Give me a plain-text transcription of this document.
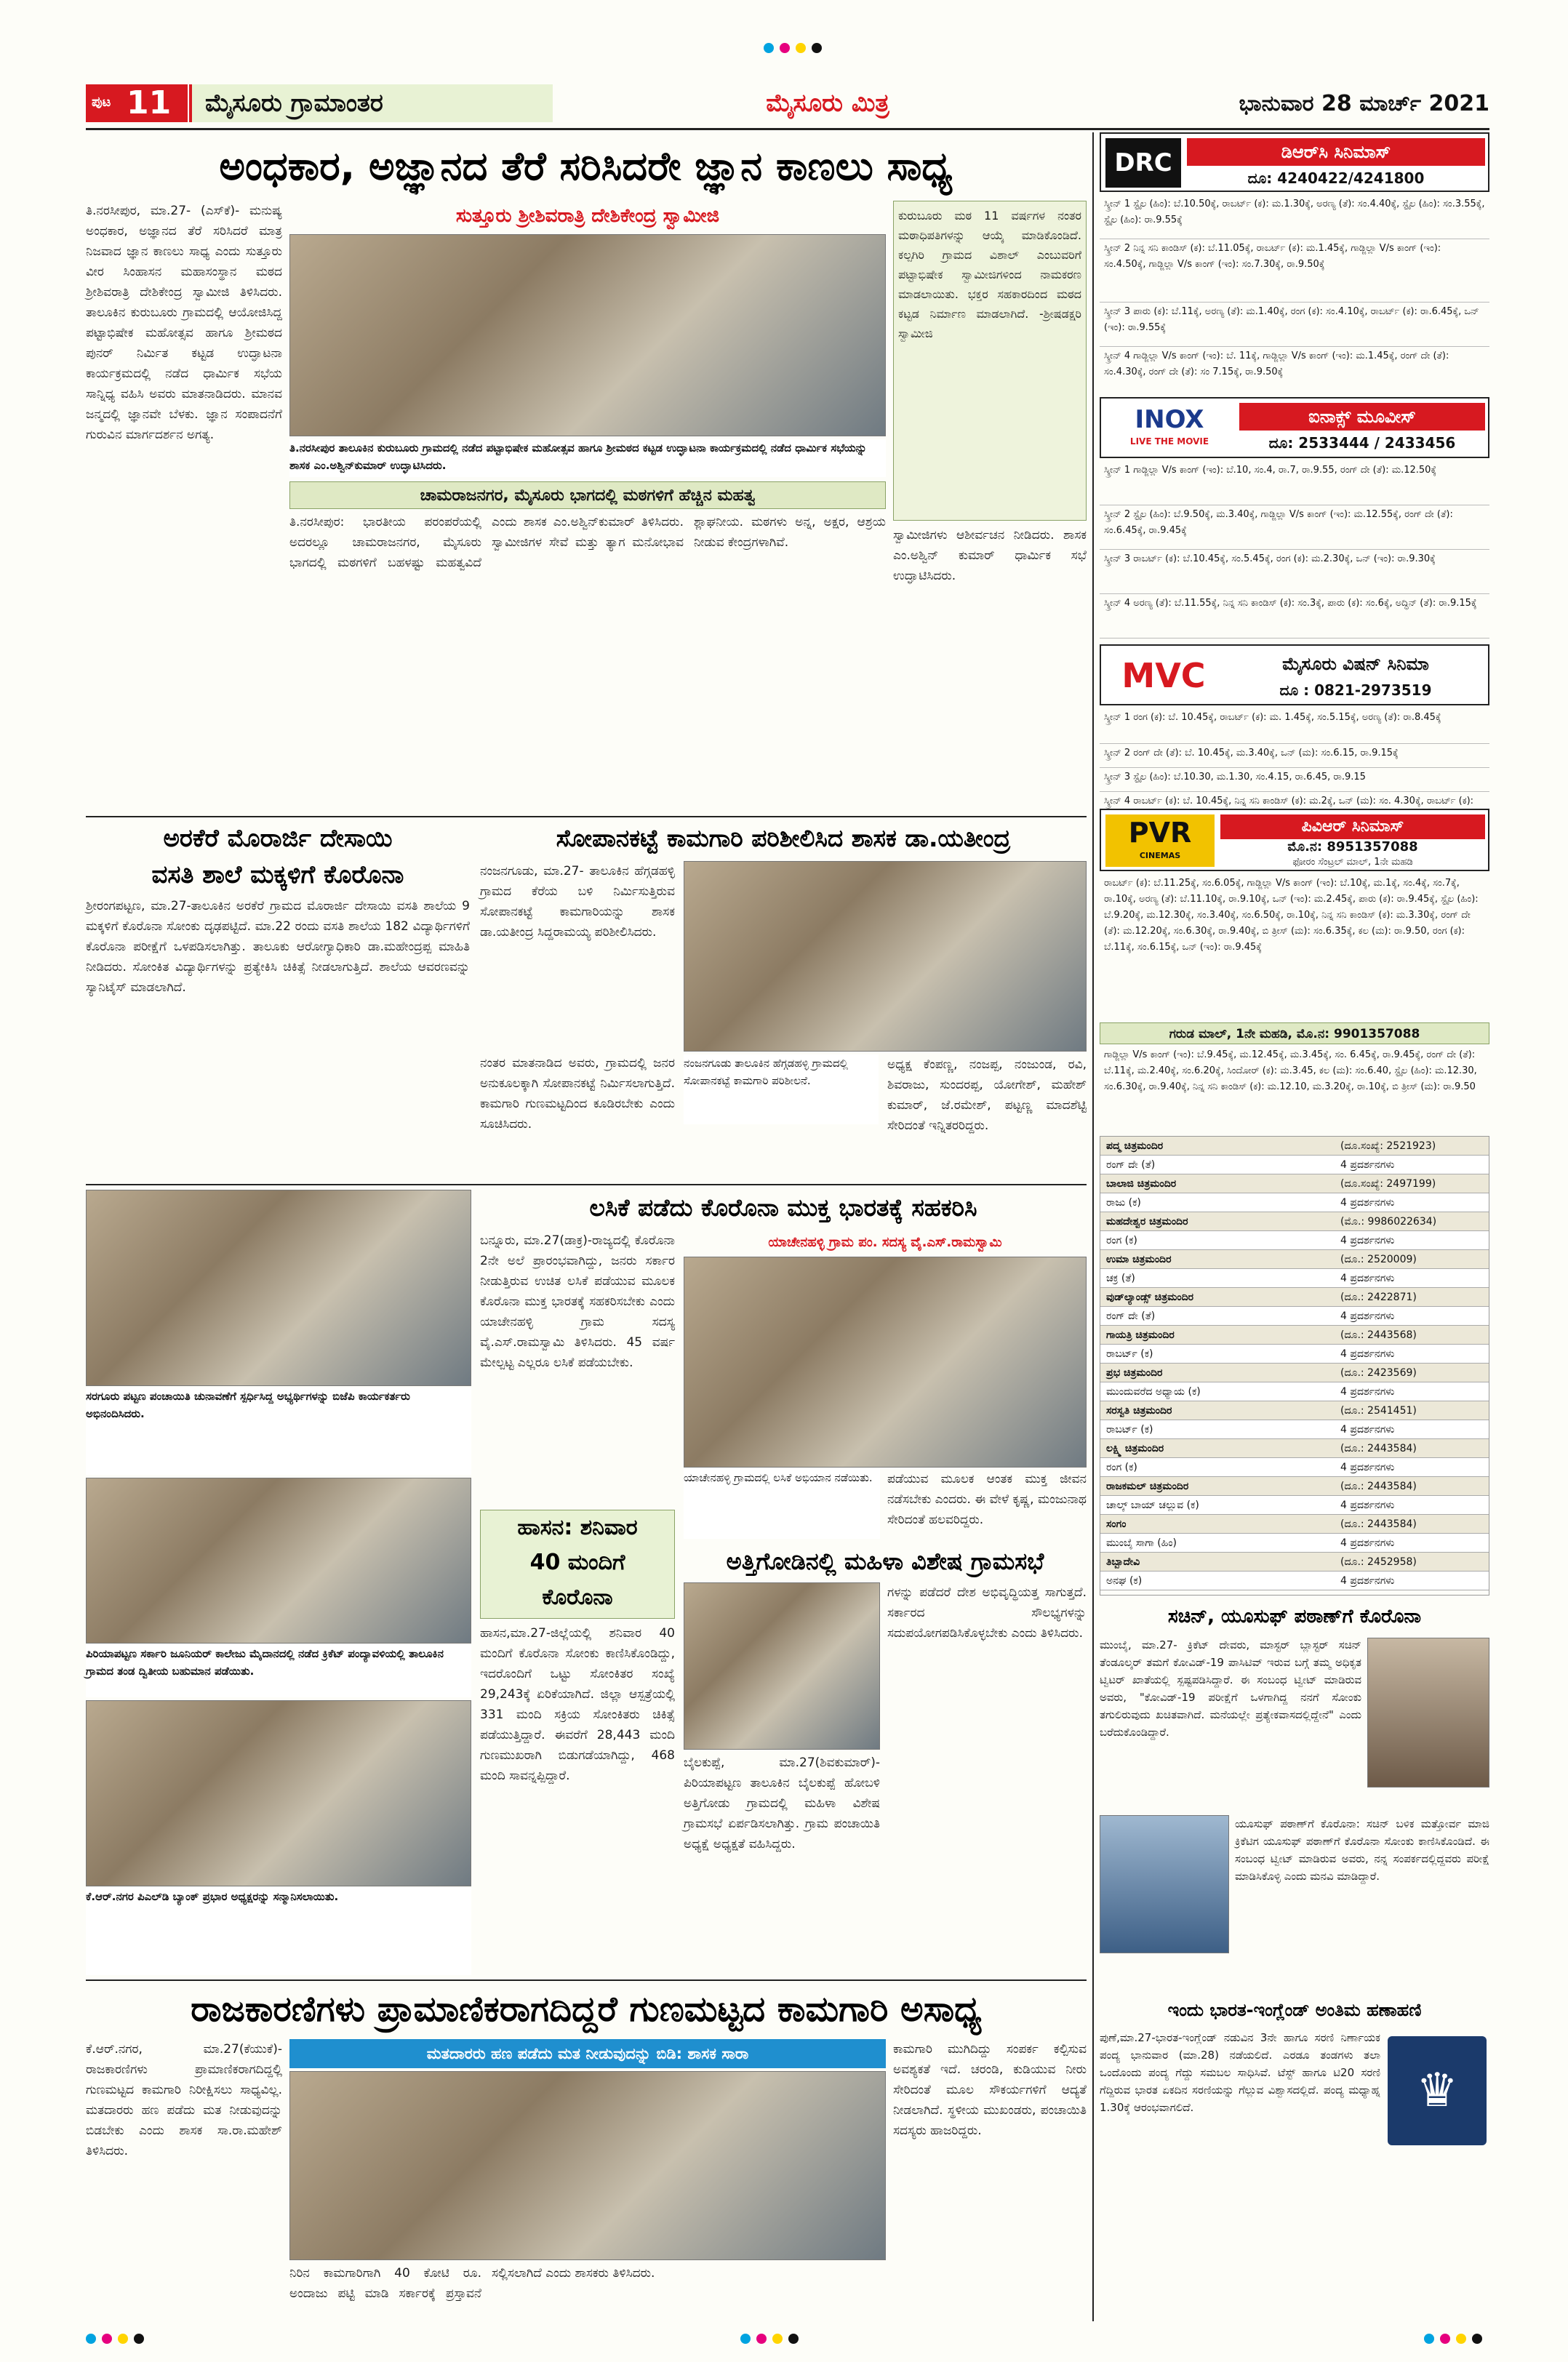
ಪುಟ 11 ಮೈಸೂರು ಗ್ರಾಮಾಂತರ	ಮೈಸೂರು ಮಿತ್ರ	ಭಾನುವಾರ 28 ಮಾರ್ಚ್ 2021
ಅಂಧಕಾರ, ಅಜ್ಞಾನದ ತೆರೆ ಸರಿಸಿದರೇ ಜ್ಞಾನ ಕಾಣಲು ಸಾಧ್ಯ
ತಿ.ನರಸೀಪುರ, ಮಾ.27- (ಎಸ್‌ಕೆ)- ಮನುಷ್ಯ ಅಂಧಕಾರ, ಅಜ್ಞಾನದ ತೆರೆ ಸರಿಸಿದರೆ ಮಾತ್ರ ನಿಜವಾದ ಜ್ಞಾನ ಕಾಣಲು ಸಾಧ್ಯ ಎಂದು ಸುತ್ತೂರು ವೀರ ಸಿಂಹಾಸನ ಮಹಾಸಂಸ್ಥಾನ ಮಠದ ಶ್ರೀಶಿವರಾತ್ರಿ ದೇಶಿಕೇಂದ್ರ ಸ್ವಾಮೀಜಿ ತಿಳಿಸಿದರು. ತಾಲೂಕಿನ ಕುರುಬೂರು ಗ್ರಾಮದಲ್ಲಿ ಆಯೋಜಿಸಿದ್ದ ಪಟ್ಟಾಭಿಷೇಕ ಮಹೋತ್ಸವ ಹಾಗೂ ಶ್ರೀಮಠದ ಪುನರ್ ನಿರ್ಮಿತ ಕಟ್ಟಡ ಉದ್ಘಾಟನಾ ಕಾರ್ಯಕ್ರಮದಲ್ಲಿ ನಡೆದ ಧಾರ್ಮಿಕ ಸಭೆಯ ಸಾನ್ನಿಧ್ಯ ವಹಿಸಿ ಅವರು ಮಾತನಾಡಿದರು. ಮಾನವ ಜನ್ಮದಲ್ಲಿ ಜ್ಞಾನವೇ ಬೆಳಕು. ಜ್ಞಾನ ಸಂಪಾದನೆಗೆ ಗುರುವಿನ ಮಾರ್ಗದರ್ಶನ ಅಗತ್ಯ.
ಸುತ್ತೂರು ಶ್ರೀಶಿವರಾತ್ರಿ ದೇಶಿಕೇಂದ್ರ ಸ್ವಾಮೀಜಿ
ತಿ.ನರಸೀಪುರ ತಾಲೂಕಿನ ಕುರುಬೂರು ಗ್ರಾಮದಲ್ಲಿ ನಡೆದ ಪಟ್ಟಾಭಿಷೇಕ ಮಹೋತ್ಸವ ಹಾಗೂ ಶ್ರೀಮಠದ ಕಟ್ಟಡ ಉದ್ಘಾಟನಾ ಕಾರ್ಯಕ್ರಮದಲ್ಲಿ ನಡೆದ ಧಾರ್ಮಿಕ ಸಭೆಯನ್ನು ಶಾಸಕ ಎಂ.ಅಶ್ವಿನ್‌ಕುಮಾರ್ ಉದ್ಘಾಟಿಸಿದರು.
ಕುರುಬೂರು ಮಠ 11 ವರ್ಷಗಳ ನಂತರ ಮಠಾಧಿಪತಿಗಳನ್ನು ಆಯ್ಕೆ ಮಾಡಿಕೊಂಡಿದೆ. ಕಲ್ಪಗಿರಿ ಗ್ರಾಮದ ವಿಶಾಲ್ ಎಂಬುವರಿಗೆ ಪಟ್ಟಾಭಿಷೇಕ ಸ್ವಾಮೀಜಿಗಳಿಂದ ನಾಮಕರಣ ಮಾಡಲಾಯಿತು. ಭಕ್ತರ ಸಹಕಾರದಿಂದ ಮಠದ ಕಟ್ಟಡ ನಿರ್ಮಾಣ ಮಾಡಲಾಗಿದೆ. -ಶ್ರೀಷಡಕ್ಷರಿ ಸ್ವಾಮೀಜಿ
ಚಾಮರಾಜನಗರ, ಮೈಸೂರು ಭಾಗದಲ್ಲಿ ಮಠಗಳಿಗೆ ಹೆಚ್ಚಿನ ಮಹತ್ವ
ತಿ.ನರಸೀಪುರ: ಭಾರತೀಯ ಪರಂಪರೆಯಲ್ಲಿ ಅದರಲ್ಲೂ ಚಾಮರಾಜನಗರ, ಮೈಸೂರು ಭಾಗದಲ್ಲಿ ಮಠಗಳಿಗೆ ಬಹಳಷ್ಟು ಮಹತ್ವವಿದೆ ಎಂದು ಶಾಸಕ ಎಂ.ಅಶ್ವಿನ್‌ಕುಮಾರ್ ತಿಳಿಸಿದರು. ಸ್ವಾಮೀಜಿಗಳ ಸೇವೆ ಮತ್ತು ತ್ಯಾಗ ಮನೋಭಾವ ಶ್ಲಾಘನೀಯ. ಮಠಗಳು ಅನ್ನ, ಅಕ್ಷರ, ಆಶ್ರಯ ನೀಡುವ ಕೇಂದ್ರಗಳಾಗಿವೆ.	ಸ್ವಾಮೀಜಿಗಳು ಆಶೀರ್ವಚನ ನೀಡಿದರು. ಶಾಸಕ ಎಂ.ಅಶ್ವಿನ್ ಕುಮಾರ್ ಧಾರ್ಮಿಕ ಸಭೆ ಉದ್ಘಾಟಿಸಿದರು.
ಅರಕೆರೆ ಮೊರಾರ್ಜಿ ದೇಸಾಯಿ
ವಸತಿ ಶಾಲೆ ಮಕ್ಕಳಿಗೆ ಕೊರೊನಾ
ಶ್ರೀರಂಗಪಟ್ಟಣ, ಮಾ.27-ತಾಲೂಕಿನ ಅರಕೆರೆ ಗ್ರಾಮದ ಮೊರಾರ್ಜಿ ದೇಸಾಯಿ ವಸತಿ ಶಾಲೆಯ 9 ಮಕ್ಕಳಿಗೆ ಕೊರೊನಾ ಸೋಂಕು ದೃಢಪಟ್ಟಿದೆ. ಮಾ.22 ರಂದು ವಸತಿ ಶಾಲೆಯ 182 ವಿದ್ಯಾರ್ಥಿಗಳಿಗೆ ಕೊರೊನಾ ಪರೀಕ್ಷೆಗೆ ಒಳಪಡಿಸಲಾಗಿತ್ತು. ತಾಲೂಕು ಆರೋಗ್ಯಾಧಿಕಾರಿ ಡಾ.ಮಹೇಂದ್ರಪ್ಪ ಮಾಹಿತಿ ನೀಡಿದರು. ಸೋಂಕಿತ ವಿದ್ಯಾರ್ಥಿಗಳನ್ನು ಪ್ರತ್ಯೇಕಿಸಿ ಚಿಕಿತ್ಸೆ ನೀಡಲಾಗುತ್ತಿದೆ. ಶಾಲೆಯ ಆವರಣವನ್ನು ಸ್ಯಾನಿಟೈಸ್ ಮಾಡಲಾಗಿದೆ.
ಸೋಪಾನಕಟ್ಟೆ ಕಾಮಗಾರಿ ಪರಿಶೀಲಿಸಿದ ಶಾಸಕ ಡಾ.ಯತೀಂದ್ರ
ನಂಜನಗೂಡು, ಮಾ.27- ತಾಲೂಕಿನ ಹೆಗ್ಗಡಹಳ್ಳಿ ಗ್ರಾಮದ ಕೆರೆಯ ಬಳಿ ನಿರ್ಮಿಸುತ್ತಿರುವ ಸೋಪಾನಕಟ್ಟೆ ಕಾಮಗಾರಿಯನ್ನು ಶಾಸಕ ಡಾ.ಯತೀಂದ್ರ ಸಿದ್ದರಾಮಯ್ಯ ಪರಿಶೀಲಿಸಿದರು.
ನಂತರ ಮಾತನಾಡಿದ ಅವರು, ಗ್ರಾಮದಲ್ಲಿ ಜನರ ಅನುಕೂಲಕ್ಕಾಗಿ ಸೋಪಾನಕಟ್ಟೆ ನಿರ್ಮಿಸಲಾಗುತ್ತಿದೆ. ಕಾಮಗಾರಿ ಗುಣಮಟ್ಟದಿಂದ ಕೂಡಿರಬೇಕು ಎಂದು ಸೂಚಿಸಿದರು.
ನಂಜನಗೂಡು ತಾಲೂಕಿನ ಹೆಗ್ಗಡಹಳ್ಳಿ ಗ್ರಾಮದಲ್ಲಿ ಸೋಪಾನಕಟ್ಟೆ ಕಾಮಗಾರಿ ಪರಿಶೀಲನೆ.
ಅಧ್ಯಕ್ಷ ಕೆಂಪಣ್ಣ, ನಂಜಪ್ಪ, ನಂಜುಂಡ, ರವಿ, ಶಿವರಾಜು, ಸುಂದರಪ್ಪ, ಯೋಗೇಶ್, ಮಹೇಶ್ ಕುಮಾರ್, ಜೆ.ರಮೇಶ್, ಪಟ್ಟಣ್ಣ ಮಾದಶೆಟ್ಟಿ ಸೇರಿದಂತೆ ಇನ್ನಿತರರಿದ್ದರು.
ಸರಗೂರು ಪಟ್ಟಣ ಪಂಚಾಯಿತಿ ಚುನಾವಣೆಗೆ ಸ್ಪರ್ಧಿಸಿದ್ದ ಅಭ್ಯರ್ಥಿಗಳನ್ನು ಬಿಜೆಪಿ ಕಾರ್ಯಕರ್ತರು ಅಭಿನಂದಿಸಿದರು.
ಪಿರಿಯಾಪಟ್ಟಣ ಸರ್ಕಾರಿ ಜೂನಿಯರ್ ಕಾಲೇಜು ಮೈದಾನದಲ್ಲಿ ನಡೆದ ಕ್ರಿಕೆಟ್ ಪಂದ್ಯಾವಳಿಯಲ್ಲಿ ತಾಲೂಕಿನ ಗ್ರಾಮದ ತಂಡ ದ್ವಿತೀಯ ಬಹುಮಾನ ಪಡೆಯಿತು.
ಕೆ.ಆರ್.ನಗರ ಪಿಎಲ್‌ಡಿ ಬ್ಯಾಂಕ್ ಪ್ರಭಾರ ಅಧ್ಯಕ್ಷರನ್ನು ಸನ್ಮಾನಿಸಲಾಯಿತು.
ಲಸಿಕೆ ಪಡೆದು ಕೊರೊನಾ ಮುಕ್ತ ಭಾರತಕ್ಕೆ ಸಹಕರಿಸಿ
ಬನ್ನೂರು, ಮಾ.27(ಡಾಕ್ರ)-ರಾಜ್ಯದಲ್ಲಿ ಕೊರೊನಾ 2ನೇ ಅಲೆ ಪ್ರಾರಂಭವಾಗಿದ್ದು, ಜನರು ಸರ್ಕಾರ ನೀಡುತ್ತಿರುವ ಉಚಿತ ಲಸಿಕೆ ಪಡೆಯುವ ಮೂಲಕ ಕೊರೊನಾ ಮುಕ್ತ ಭಾರತಕ್ಕೆ ಸಹಕರಿಸಬೇಕು ಎಂದು ಯಾಚೇನಹಳ್ಳಿ ಗ್ರಾಮ ಸದಸ್ಯ ವೈ.ಎಸ್.ರಾಮಸ್ವಾಮಿ ತಿಳಿಸಿದರು. 45 ವರ್ಷ ಮೇಲ್ಪಟ್ಟ ಎಲ್ಲರೂ ಲಸಿಕೆ ಪಡೆಯಬೇಕು.
ಯಾಚೇನಹಳ್ಳಿ ಗ್ರಾಮ ಪಂ. ಸದಸ್ಯ ವೈ.ಎಸ್.ರಾಮಸ್ವಾಮಿ
ಯಾಚೇನಹಳ್ಳಿ ಗ್ರಾಮದಲ್ಲಿ ಲಸಿಕೆ ಅಭಿಯಾನ ನಡೆಯಿತು.	ಪಡೆಯುವ ಮೂಲಕ ಆಂತಕ ಮುಕ್ತ ಜೀವನ ನಡೆಸಬೇಕು ಎಂದರು. ಈ ವೇಳೆ ಕೃಷ್ಣ, ಮಂಜುನಾಥ ಸೇರಿದಂತೆ ಹಲವರಿದ್ದರು.
ಹಾಸನ: ಶನಿವಾರ
40 ಮಂದಿಗೆ
ಕೊರೊನಾ
ಹಾಸನ,ಮಾ.27-ಜಿಲ್ಲೆಯಲ್ಲಿ ಶನಿವಾರ 40 ಮಂದಿಗೆ ಕೊರೊನಾ ಸೋಂಕು ಕಾಣಿಸಿಕೊಂಡಿದ್ದು, ಇದರೊಂದಿಗೆ ಒಟ್ಟು ಸೋಂಕಿತರ ಸಂಖ್ಯೆ 29,243ಕ್ಕೆ ಏರಿಕೆಯಾಗಿದೆ. ಜಿಲ್ಲಾ ಆಸ್ಪತ್ರೆಯಲ್ಲಿ 331 ಮಂದಿ ಸಕ್ರಿಯ ಸೋಂಕಿತರು ಚಿಕಿತ್ಸೆ ಪಡೆಯುತ್ತಿದ್ದಾರೆ. ಈವರೆಗೆ 28,443 ಮಂದಿ ಗುಣಮುಖರಾಗಿ ಬಿಡುಗಡೆಯಾಗಿದ್ದು, 468 ಮಂದಿ ಸಾವನ್ನಪ್ಪಿದ್ದಾರೆ.
ಅತ್ತಿಗೋಡಿನಲ್ಲಿ ಮಹಿಳಾ ವಿಶೇಷ ಗ್ರಾಮಸಭೆ
ಬೈಲಕುಪ್ಪೆ, ಮಾ.27(ಶಿವಕುಮಾರ್)- ಪಿರಿಯಾಪಟ್ಟಣ ತಾಲೂಕಿನ ಬೈಲಕುಪ್ಪೆ ಹೋಬಳಿ ಅತ್ತಿಗೋಡು ಗ್ರಾಮದಲ್ಲಿ ಮಹಿಳಾ ವಿಶೇಷ ಗ್ರಾಮಸಭೆ ಏರ್ಪಡಿಸಲಾಗಿತ್ತು. ಗ್ರಾಮ ಪಂಚಾಯಿತಿ ಅಧ್ಯಕ್ಷೆ ಅಧ್ಯಕ್ಷತೆ ವಹಿಸಿದ್ದರು.
ಗಳನ್ನು ಪಡೆದರೆ ದೇಶ ಅಭಿವೃದ್ಧಿಯತ್ತ ಸಾಗುತ್ತದೆ. ಸರ್ಕಾರದ ಸೌಲಭ್ಯಗಳನ್ನು ಸದುಪಯೋಗಪಡಿಸಿಕೊಳ್ಳಬೇಕು ಎಂದು ತಿಳಿಸಿದರು.
ರಾಜಕಾರಣಿಗಳು ಪ್ರಾಮಾಣಿಕರಾಗದಿದ್ದರೆ ಗುಣಮಟ್ಟದ ಕಾಮಗಾರಿ ಅಸಾಧ್ಯ
ಕೆ.ಆರ್.ನಗರ, ಮಾ.27(ಕೆಯುಕೆ)- ರಾಜಕಾರಣಿಗಳು ಪ್ರಾಮಾಣಿಕರಾಗದಿದ್ದಲ್ಲಿ ಗುಣಮಟ್ಟದ ಕಾಮಗಾರಿ ನಿರೀಕ್ಷಿಸಲು ಸಾಧ್ಯವಿಲ್ಲ. ಮತದಾರರು ಹಣ ಪಡೆದು ಮತ ನೀಡುವುದನ್ನು ಬಿಡಬೇಕು ಎಂದು ಶಾಸಕ ಸಾ.ರಾ.ಮಹೇಶ್ ತಿಳಿಸಿದರು.
ಮತದಾರರು ಹಣ ಪಡೆದು ಮತ ನೀಡುವುದನ್ನು ಬಿಡಿ: ಶಾಸಕ ಸಾರಾ
ನಿರಿನ ಕಾಮಗಾರಿಗಾಗಿ 40 ಕೋಟಿ ರೂ. ಅಂದಾಜು ಪಟ್ಟಿ ಮಾಡಿ ಸರ್ಕಾರಕ್ಕೆ ಪ್ರಸ್ತಾವನೆ ಸಲ್ಲಿಸಲಾಗಿದೆ ಎಂದು ಶಾಸಕರು ತಿಳಿಸಿದರು.
ಕಾಮಗಾರಿ ಮುಗಿದಿದ್ದು ಸಂಪರ್ಕ ಕಲ್ಪಿಸುವ ಅವಶ್ಯಕತೆ ಇದೆ. ಚರಂಡಿ, ಕುಡಿಯುವ ನೀರು ಸೇರಿದಂತೆ ಮೂಲ ಸೌಕರ್ಯಗಳಿಗೆ ಆದ್ಯತೆ ನೀಡಲಾಗಿದೆ. ಸ್ಥಳೀಯ ಮುಖಂಡರು, ಪಂಚಾಯಿತಿ ಸದಸ್ಯರು ಹಾಜರಿದ್ದರು.
DRC	ಡಿಆರ್‌ಸಿ ಸಿನಿಮಾಸ್
ದೂ: 4240422/4241800
ಸ್ಕ್ರೀನ್ 1 ಸ್ಟೈಲ (ಹಿಂ): ಬೆ.10.50ಕ್ಕೆ, ರಾಬರ್ಟ್ (ಕ): ಮ.1.30ಕ್ಕೆ, ಅರಣ್ಯ (ತೆ): ಸಂ.4.40ಕ್ಕೆ, ಸ್ಟೈಲ (ಹಿಂ): ಸಂ.3.55ಕ್ಕೆ, ಸ್ಟೈಲ (ಹಿಂ): ರಾ.9.55ಕ್ಕೆ
ಸ್ಕ್ರೀನ್ 2 ನಿನ್ನ ಸನಿ ಕಾಂಡಿಸ್ (ಕ): ಬೆ.11.05ಕ್ಕೆ, ರಾಬರ್ಟ್ (ಕ): ಮ.1.45ಕ್ಕೆ, ಗಾಡ್ಜಿಲ್ಲಾ V/s ಕಾಂಗ್ (ಇಂ): ಸಂ.4.50ಕ್ಕೆ, ಗಾಡ್ಜಿಲ್ಲಾ V/s ಕಾಂಗ್ (ಇಂ): ಸಂ.7.30ಕ್ಕೆ, ರಾ.9.50ಕ್ಕೆ
ಸ್ಕ್ರೀನ್ 3 ಪಾರು (ಕ): ಬೆ.11ಕ್ಕೆ, ಅರಣ್ಯ (ತೆ): ಮ.1.40ಕ್ಕೆ, ರಂಗ (ಕ): ಸಂ.4.10ಕ್ಕೆ, ರಾಬರ್ಟ್ (ಕ): ರಾ.6.45ಕ್ಕೆ, ಒನ್ (ಇಂ): ರಾ.9.55ಕ್ಕೆ
ಸ್ಕ್ರೀನ್ 4 ಗಾಡ್ಜಿಲ್ಲಾ V/s ಕಾಂಗ್ (ಇಂ): ಬೆ. 11ಕ್ಕೆ, ಗಾಡ್ಜಿಲ್ಲಾ V/s ಕಾಂಗ್ (ಇಂ): ಮ.1.45ಕ್ಕೆ, ರಂಗ್ ದೇ (ತೆ): ಸಂ.4.30ಕ್ಕೆ, ರಂಗ್ ದೇ (ತೆ): ಸಂ 7.15ಕ್ಕೆ, ರಾ.9.50ಕ್ಕೆ
INOX
LIVE THE MOVIE
ಐನಾಕ್ಸ್ ಮೂವೀಸ್
ದೂ: 2533444 / 2433456
ಸ್ಕ್ರೀನ್ 1 ಗಾಡ್ಜಿಲ್ಲಾ V/s ಕಾಂಗ್ (ಇಂ): ಬೆ.10, ಸಂ.4, ರಾ.7, ರಾ.9.55, ರಂಗ್ ದೇ (ತೆ): ಮ.12.50ಕ್ಕೆ
ಸ್ಕ್ರೀನ್ 2 ಸ್ಟೈಲ (ಹಿಂ): ಬೆ.9.50ಕ್ಕೆ, ಮ.3.40ಕ್ಕೆ, ಗಾಡ್ಜಿಲ್ಲಾ V/s ಕಾಂಗ್ (ಇಂ): ಮ.12.55ಕ್ಕೆ, ರಂಗ್ ದೇ (ತೆ): ಸಂ.6.45ಕ್ಕೆ, ರಾ.9.45ಕ್ಕೆ
ಸ್ಕ್ರೀನ್ 3 ರಾಬರ್ಟ್ (ಕ): ಬೆ.10.45ಕ್ಕೆ, ಸಂ.5.45ಕ್ಕೆ, ರಂಗ (ಕ): ಮ.2.30ಕ್ಕೆ, ಒನ್ (ಇಂ): ರಾ.9.30ಕ್ಕೆ
ಸ್ಕ್ರೀನ್ 4 ಅರಣ್ಯ (ತೆ): ಬೆ.11.55ಕ್ಕೆ, ನಿನ್ನ ಸನಿ ಕಾಂಡಿಸ್ (ಕ): ಸಂ.3ಕ್ಕೆ, ಪಾರು (ಕ): ಸಂ.6ಕ್ಕೆ, ಅದ್ಧಿನ್ (ತೆ): ರಾ.9.15ಕ್ಕೆ
MVC	ಮೈಸೂರು ವಿಷನ್ ಸಿನಿಮಾ
ದೂ : 0821-2973519
ಸ್ಕ್ರೀನ್ 1 ರಂಗ (ಕ): ಬೆ. 10.45ಕ್ಕೆ, ರಾಬರ್ಟ್ (ಕ): ಮ. 1.45ಕ್ಕೆ, ಸಂ.5.15ಕ್ಕೆ, ಅರಣ್ಯ (ತೆ): ರಾ.8.45ಕ್ಕೆ
ಸ್ಕ್ರೀನ್ 2 ರಂಗ್ ದೇ (ತೆ): ಬೆ. 10.45ಕ್ಕೆ, ಮ.3.40ಕ್ಕೆ, ಒನ್ (ಮ): ಸಂ.6.15, ರಾ.9.15ಕ್ಕೆ
ಸ್ಕ್ರೀನ್ 3 ಸ್ಟೈಲ (ಹಿಂ): ಬೆ.10.30, ಮ.1.30, ಸಂ.4.15, ರಾ.6.45, ರಾ.9.15
ಸ್ಕ್ರೀನ್ 4 ರಾಬರ್ಟ್ (ಕ): ಬೆ. 10.45ಕ್ಕೆ, ನಿನ್ನ ಸನಿ ಕಾಂಡಿಸ್ (ಕ): ಮ.2ಕ್ಕೆ, ಒನ್ (ಮ): ಸಂ. 4.30ಕ್ಕೆ, ರಾಬರ್ಟ್ (ಕ):
PVR
CINEMAS
ಪಿವಿಆರ್ ಸಿನಿಮಾಸ್
ಮೊ.ನ: 8951357088
ಫೋರಂ ಸೆಂಟ್ರಲ್ ಮಾಲ್, 1ನೇ ಮಹಡಿ
ರಾಬರ್ಟ್ (ಕ): ಬೆ.11.25ಕ್ಕೆ, ಸಂ.6.05ಕ್ಕೆ, ಗಾಡ್ಜಿಲ್ಲಾ V/s ಕಾಂಗ್ (ಇಂ): ಬೆ.10ಕ್ಕೆ, ಮ.1ಕ್ಕೆ, ಸಂ.4ಕ್ಕೆ, ಸಂ.7ಕ್ಕೆ, ರಾ.10ಕ್ಕೆ, ಅರಣ್ಯ (ತೆ): ಬೆ.11.10ಕ್ಕೆ, ರಾ.9.10ಕ್ಕೆ, ಒನ್ (ಇಂ): ಮ.2.45ಕ್ಕೆ, ಪಾರು (ಕ): ರಾ.9.45ಕ್ಕೆ, ಸ್ಟೈಲ (ಹಿಂ): ಬೆ.9.20ಕ್ಕೆ, ಮ.12.30ಕ್ಕೆ, ಸಂ.3.40ಕ್ಕೆ, ಸಂ.6.50ಕ್ಕೆ, ರಾ.10ಕ್ಕೆ, ನಿನ್ನ ಸನಿ ಕಾಂಡಿಸ್ (ಕ): ಮ.3.30ಕ್ಕೆ, ರಂಗ್ ದೇ (ತೆ): ಮ.12.20ಕ್ಕೆ, ಸಂ.6.30ಕ್ಕೆ, ರಾ.9.40ಕ್ಕೆ, ಬಿ ತ್ರೀಸ್ (ಮ): ಸಂ.6.35ಕ್ಕೆ, ಕಲ (ಮ): ರಾ.9.50, ರಂಗ (ಕ): ಬೆ.11ಕ್ಕೆ, ಸಂ.6.15ಕ್ಕೆ, ಒನ್ (ಇಂ): ರಾ.9.45ಕ್ಕೆ
ಗರುಡ ಮಾಲ್, 1ನೇ ಮಹಡಿ, ಮೊ.ನ: 9901357088
ಗಾಡ್ಜಿಲ್ಲಾ V/s ಕಾಂಗ್ (ಇಂ): ಬೆ.9.45ಕ್ಕೆ, ಮ.12.45ಕ್ಕೆ, ಮ.3.45ಕ್ಕೆ, ಸಂ. 6.45ಕ್ಕೆ, ರಾ.9.45ಕ್ಕೆ, ರಂಗ್ ದೇ (ತೆ): ಬೆ.11ಕ್ಕೆ, ಮ.2.40ಕ್ಕೆ, ಸಂ.6.20ಕ್ಕೆ, ಸಿಂದೋರ್ (ಕ): ಮ.3.45, ಕಲ (ಮ): ಸಂ.6.40, ಸ್ಟೈಲ (ಹಿಂ): ಮ.12.30, ಸಂ.6.30ಕ್ಕೆ, ರಾ.9.40ಕ್ಕೆ, ನಿನ್ನ ಸನಿ ಕಾಂಡಿಸ್ (ಕ): ಮ.12.10, ಮ.3.20ಕ್ಕೆ, ರಾ.10ಕ್ಕೆ, ಬಿ ತ್ರೀಸ್ (ಮ): ರಾ.9.50
ಪದ್ಮ ಚಿತ್ರಮಂದಿರ	(ದೂ.ಸಂಖ್ಯೆ: 2521923)
ರಂಗ್ ದೇ (ತೆ)	4 ಪ್ರದರ್ಶನಗಳು
ಬಾಲಾಜಿ ಚಿತ್ರಮಂದಿರ	(ದೂ.ಸಂಖ್ಯೆ: 2497199)
ರಾಜು (ಕ)	4 ಪ್ರದರ್ಶನಗಳು
ಮಹದೇಶ್ವರ ಚಿತ್ರಮಂದಿರ	(ಮೊ.: 9986022634)
ರಂಗ (ಕ)	4 ಪ್ರದರ್ಶನಗಳು
ಉಮಾ ಚಿತ್ರಮಂದಿರ	(ದೂ.: 2520009)
ಚಕ್ರ (ತೆ)	4 ಪ್ರದರ್ಶನಗಳು
ವುಡ್‌ಲ್ಯಾಂಡ್ಸ್ ಚಿತ್ರಮಂದಿರ	(ದೂ.: 2422871)
ರಂಗ್ ದೇ (ತೆ)	4 ಪ್ರದರ್ಶನಗಳು
ಗಾಯತ್ರಿ ಚಿತ್ರಮಂದಿರ	(ದೂ.: 2443568)
ರಾಬರ್ಟ್ (ಕ)	4 ಪ್ರದರ್ಶನಗಳು
ಪ್ರಭ ಚಿತ್ರಮಂದಿರ	(ದೂ.: 2423569)
ಮುಂದುವರೆದ ಅಧ್ಯಾಯ (ಕ)	4 ಪ್ರದರ್ಶನಗಳು
ಸರಸ್ವತಿ ಚಿತ್ರಮಂದಿರ	(ದೂ.: 2541451)
ರಾಬರ್ಟ್ (ಕ)	4 ಪ್ರದರ್ಶನಗಳು
ಲಕ್ಷ್ಮಿ ಚಿತ್ರಮಂದಿರ	(ದೂ.: 2443584)
ರಂಗ (ಕ)	4 ಪ್ರದರ್ಶನಗಳು
ರಾಜಕಮಲ್ ಚಿತ್ರಮಂದಿರ	(ದೂ.: 2443584)
ಚಾಲ್ಕ್ ಬಾಯ್ ಚಲ್ಲುವ (ಕ)	4 ಪ್ರದರ್ಶನಗಳು
ಸಂಗಂ	(ದೂ.: 2443584)
ಮುಂಬೈ ಸಾಗಾ (ಹಿಂ)	4 ಪ್ರದರ್ಶನಗಳು
ತಿಬ್ಬಾದೇವಿ	(ದೂ.: 2452958)
ಅನಘ (ಕ)	4 ಪ್ರದರ್ಶನಗಳು
ಸಚಿನ್, ಯೂಸುಫ್ ಪಠಾಣ್‌ಗೆ ಕೊರೊನಾ
ಮುಂಬೈ, ಮಾ.27- ಕ್ರಿಕೆಟ್ ದೇವರು, ಮಾಸ್ಟರ್ ಬ್ಲಾಸ್ಟರ್ ಸಚಿನ್ ತೆಂಡೂಲ್ಕರ್ ತಮಗೆ ಕೋವಿಡ್-19 ಪಾಸಿಟಿವ್ ಇರುವ ಬಗ್ಗೆ ತಮ್ಮ ಅಧಿಕೃತ ಟ್ವಿಟರ್ ಖಾತೆಯಲ್ಲಿ ಸ್ಪಷ್ಟಪಡಿಸಿದ್ದಾರೆ. ಈ ಸಂಬಂಧ ಟ್ವೀಟ್ ಮಾಡಿರುವ ಅವರು, "ಕೋವಿಡ್-19 ಪರೀಕ್ಷೆಗೆ ಒಳಗಾಗಿದ್ದ ನನಗೆ ಸೋಂಕು ತಗುಲಿರುವುದು ಖಚಿತವಾಗಿದೆ. ಮನೆಯಲ್ಲೇ ಪ್ರತ್ಯೇಕವಾಸದಲ್ಲಿದ್ದೇನೆ" ಎಂದು ಬರೆದುಕೊಂಡಿದ್ದಾರೆ.
ಯೂಸುಫ್ ಪಠಾಣ್‌ಗೆ ಕೊರೊನಾ: ಸಚಿನ್ ಬಳಿಕ ಮತ್ತೋರ್ವ ಮಾಜಿ ಕ್ರಿಕೆಟಿಗ ಯೂಸುಫ್ ಪಠಾಣ್‌ಗೆ ಕೊರೊನಾ ಸೋಂಕು ಕಾಣಿಸಿಕೊಂಡಿದೆ. ಈ ಸಂಬಂಧ ಟ್ವೀಟ್ ಮಾಡಿರುವ ಅವರು, ನನ್ನ ಸಂಪರ್ಕದಲ್ಲಿದ್ದವರು ಪರೀಕ್ಷೆ ಮಾಡಿಸಿಕೊಳ್ಳಿ ಎಂದು ಮನವಿ ಮಾಡಿದ್ದಾರೆ.
ಇಂದು ಭಾರತ-ಇಂಗ್ಲೆಂಡ್ ಅಂತಿಮ ಹಣಾಹಣಿ
ಪುಣೆ,ಮಾ.27-ಭಾರತ-ಇಂಗ್ಲೆಂಡ್ ನಡುವಿನ 3ನೇ ಹಾಗೂ ಸರಣಿ ನಿರ್ಣಾಯಕ ಪಂದ್ಯ ಭಾನುವಾರ (ಮಾ.28) ನಡೆಯಲಿದೆ. ಎರಡೂ ತಂಡಗಳು ತಲಾ ಒಂದೊಂದು ಪಂದ್ಯ ಗೆದ್ದು ಸಮಬಲ ಸಾಧಿಸಿವೆ. ಟೆಸ್ಟ್ ಹಾಗೂ ಟಿ20 ಸರಣಿ ಗೆದ್ದಿರುವ ಭಾರತ ಏಕದಿನ ಸರಣಿಯನ್ನು ಗೆಲ್ಲುವ ವಿಶ್ವಾಸದಲ್ಲಿದೆ. ಪಂದ್ಯ ಮಧ್ಯಾಹ್ನ 1.30ಕ್ಕೆ ಆರಂಭವಾಗಲಿದೆ.	♛
